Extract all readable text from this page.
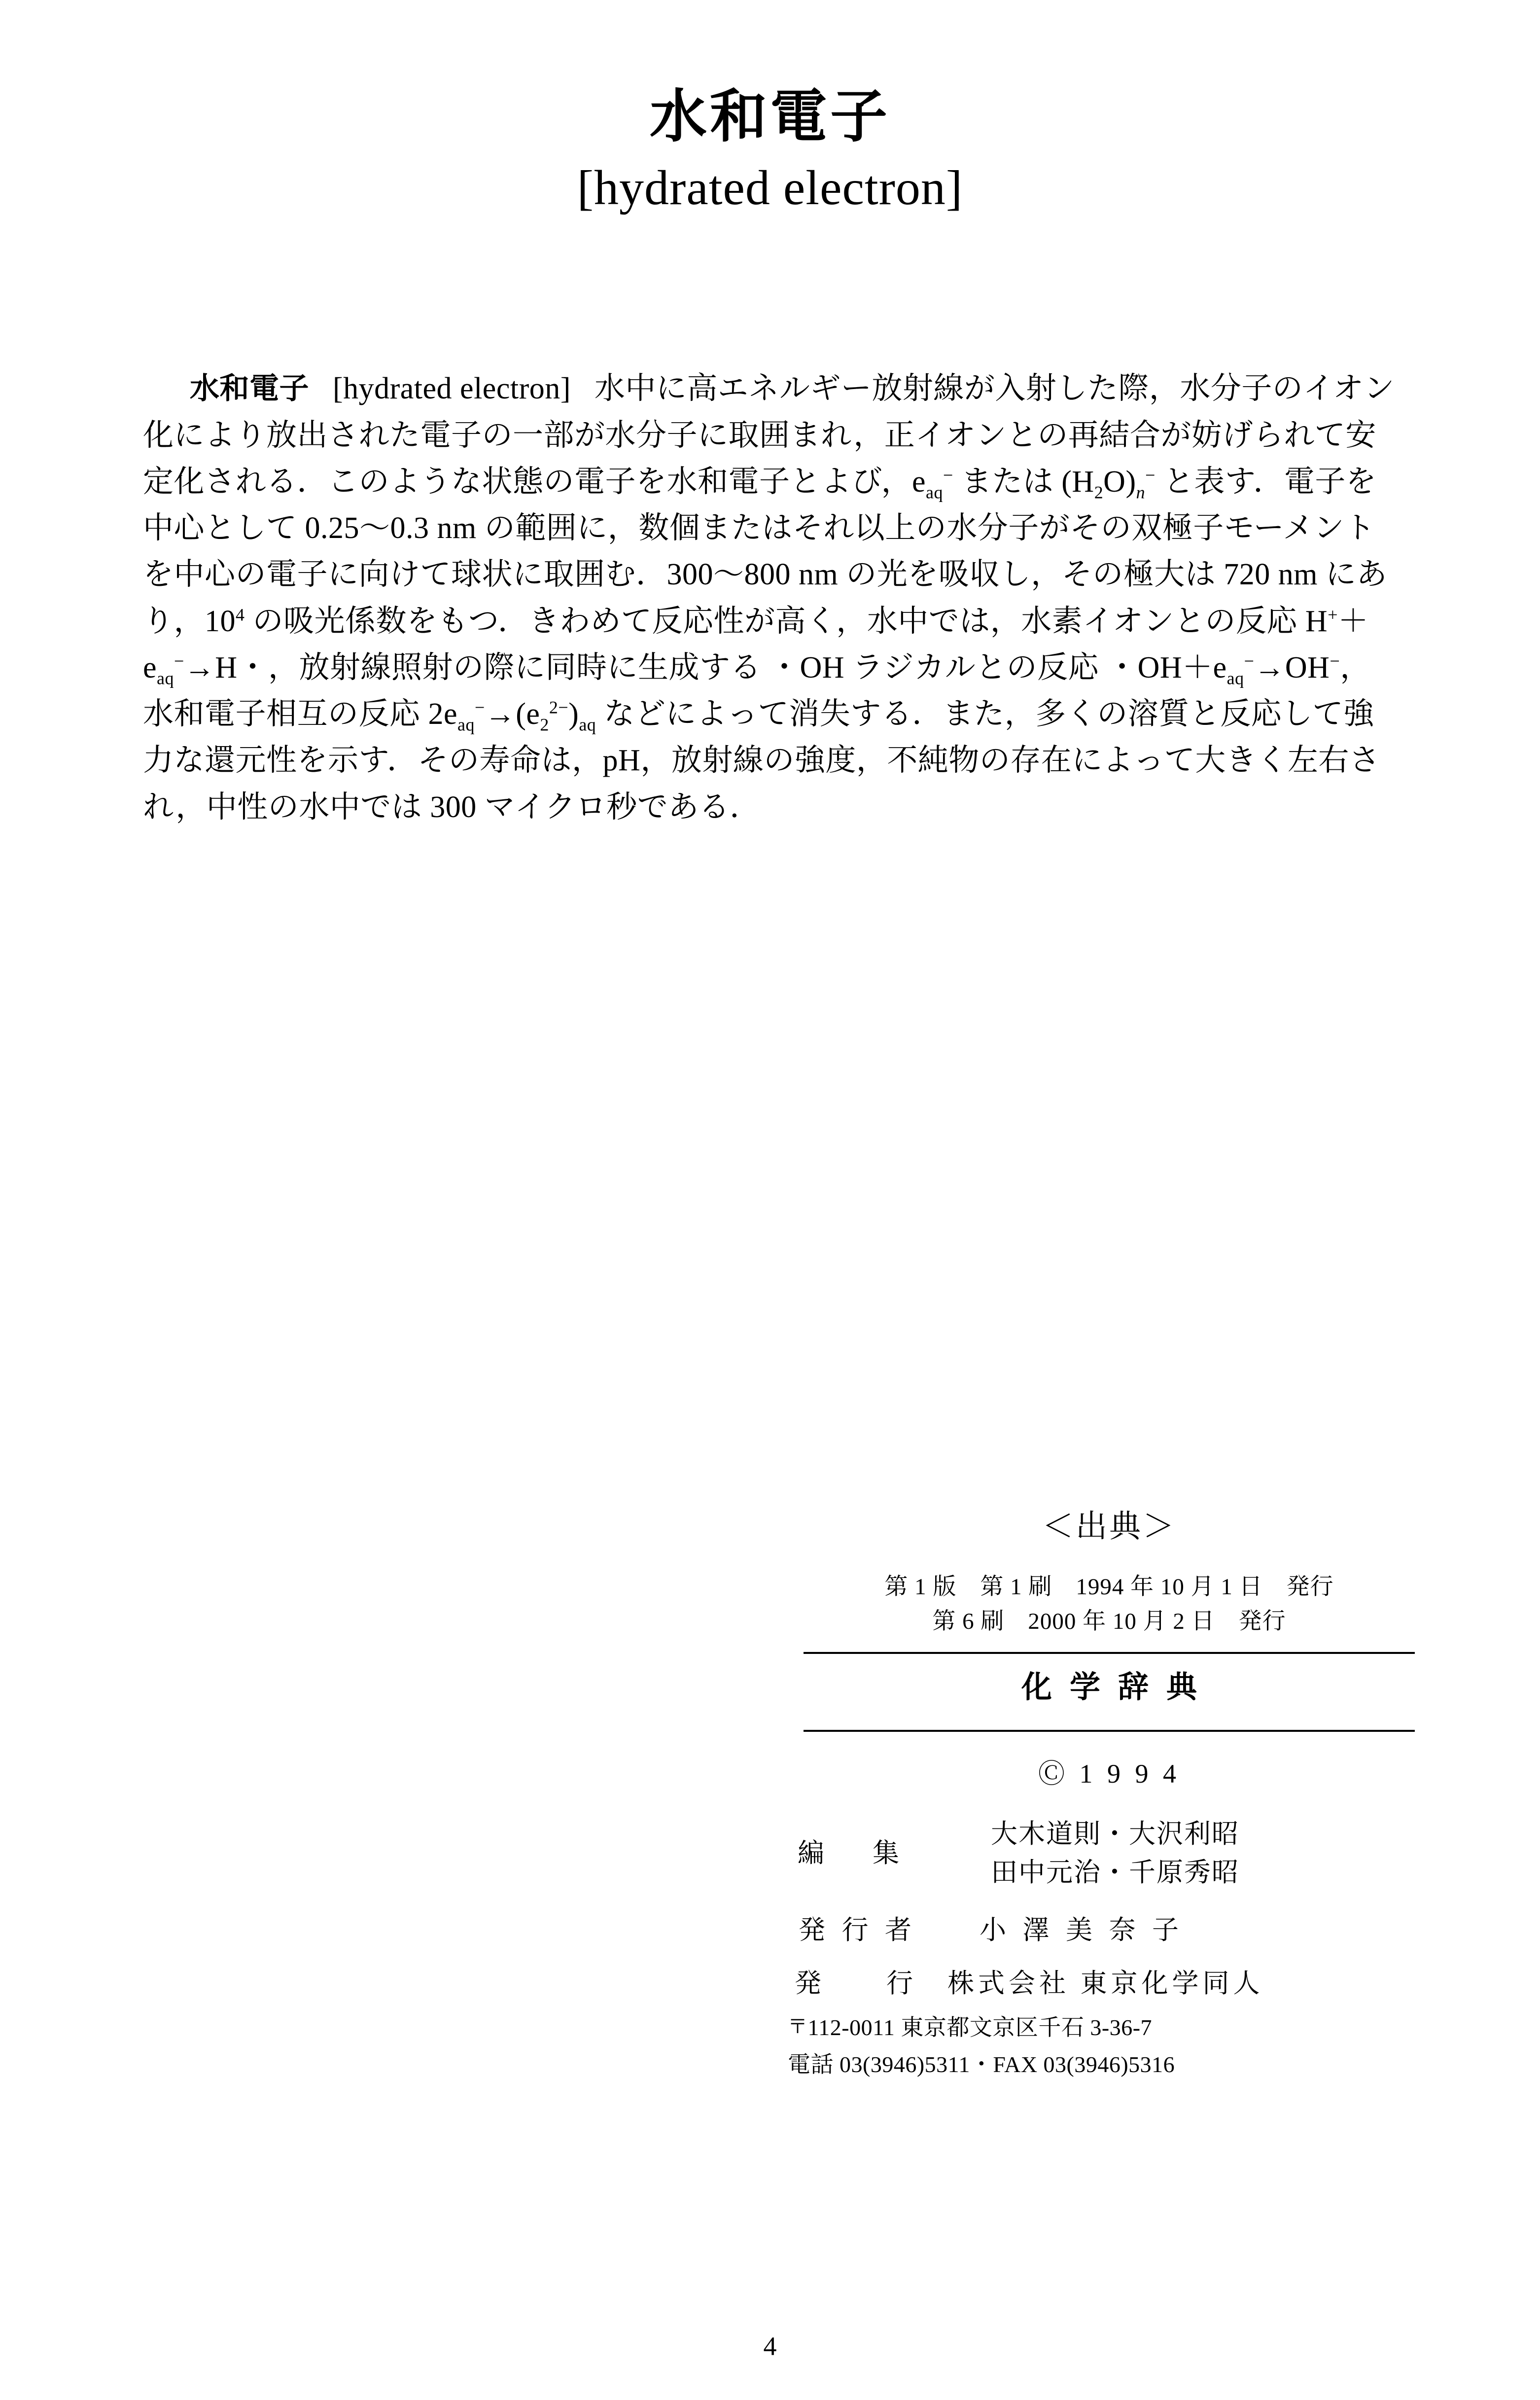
水和電子
[hydrated electron]
水和電子 [hydrated electron] 水中に高エネルギー放射線が入射した際，水分子のイオン化により放出された電子の一部が水分子に取囲まれ，正イオンとの再結合が妨げられて安定化される．このような状態の電子を水和電子とよび，$e_{aq}^-$ または $(H_2O)_n^-$ と表す．電子を中心として 0.25〜0.3 nm の範囲に，数個またはそれ以上の水分子がその双極子モーメントを中心の電子に向けて球状に取囲む．300〜800 nm の光を吸収し，その極大は 720 nm にあり，$10^4$ の吸光係数をもつ．きわめて反応性が高く，水中では，水素イオンとの反応 $H^++e_{aq}^-\to H$・，放射線照射の際に同時に生成する ・OH ラジカルとの反応 ・$OH+e_{aq}^-\to OH^-$，水和電子相互の反応 $2e_{aq}^-\to(e_2^{2-})_{aq}$ などによって消失する．また，多くの溶質と反応して強力な還元性を示す．その寿命は，pH，放射線の強度，不純物の存在によって大きく左右され，中性の水中では 300 マイクロ秒である．
＜出典＞
第 1 版　第 1 刷　1994 年 10 月 1 日　発行
第 6 刷　2000 年 10 月 2 日　発行
化学辞典
Ⓒ 1 9 9 4
編　集
大木道則・大沢利昭
田中元治・千原秀昭
発 行 者　　小 澤 美 奈 子
発　　行　株式会社 東京化学同人
〒112-0011 東京都文京区千石 3-36-7
電話 03(3946)5311・FAX 03(3946)5316
4
